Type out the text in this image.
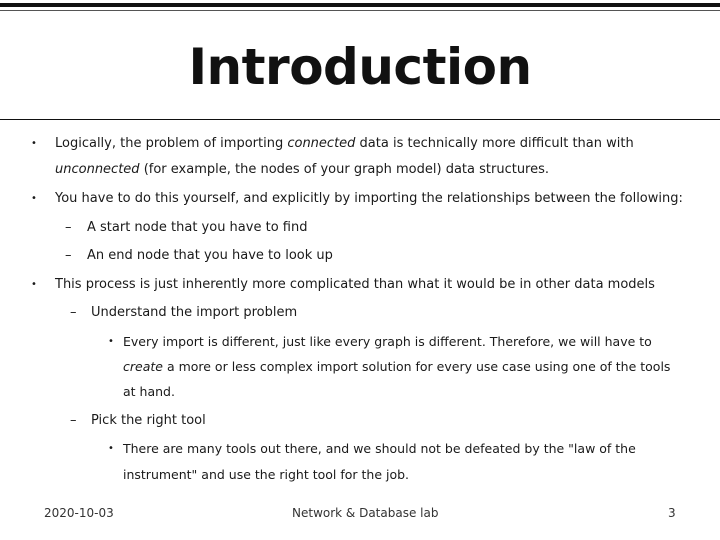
Introduction
• Logically, the problem of importing connected data is technically more difficult than with
unconnected (for example, the nodes of your graph model) data structures.
• You have to do this yourself, and explicitly by importing the relationships between the following:
– A start node that you have to find
– An end node that you have to look up
• This process is just inherently more complicated than what it would be in other data models
– Understand the import problem
• Every import is different, just like every graph is different. Therefore, we will have to
create a more or less complex import solution for every use case using one of the tools
at hand.
– Pick the right tool
• There are many tools out there, and we should not be defeated by the "law of the
instrument" and use the right tool for the job.
2020-10-03	Network & Database lab	3
